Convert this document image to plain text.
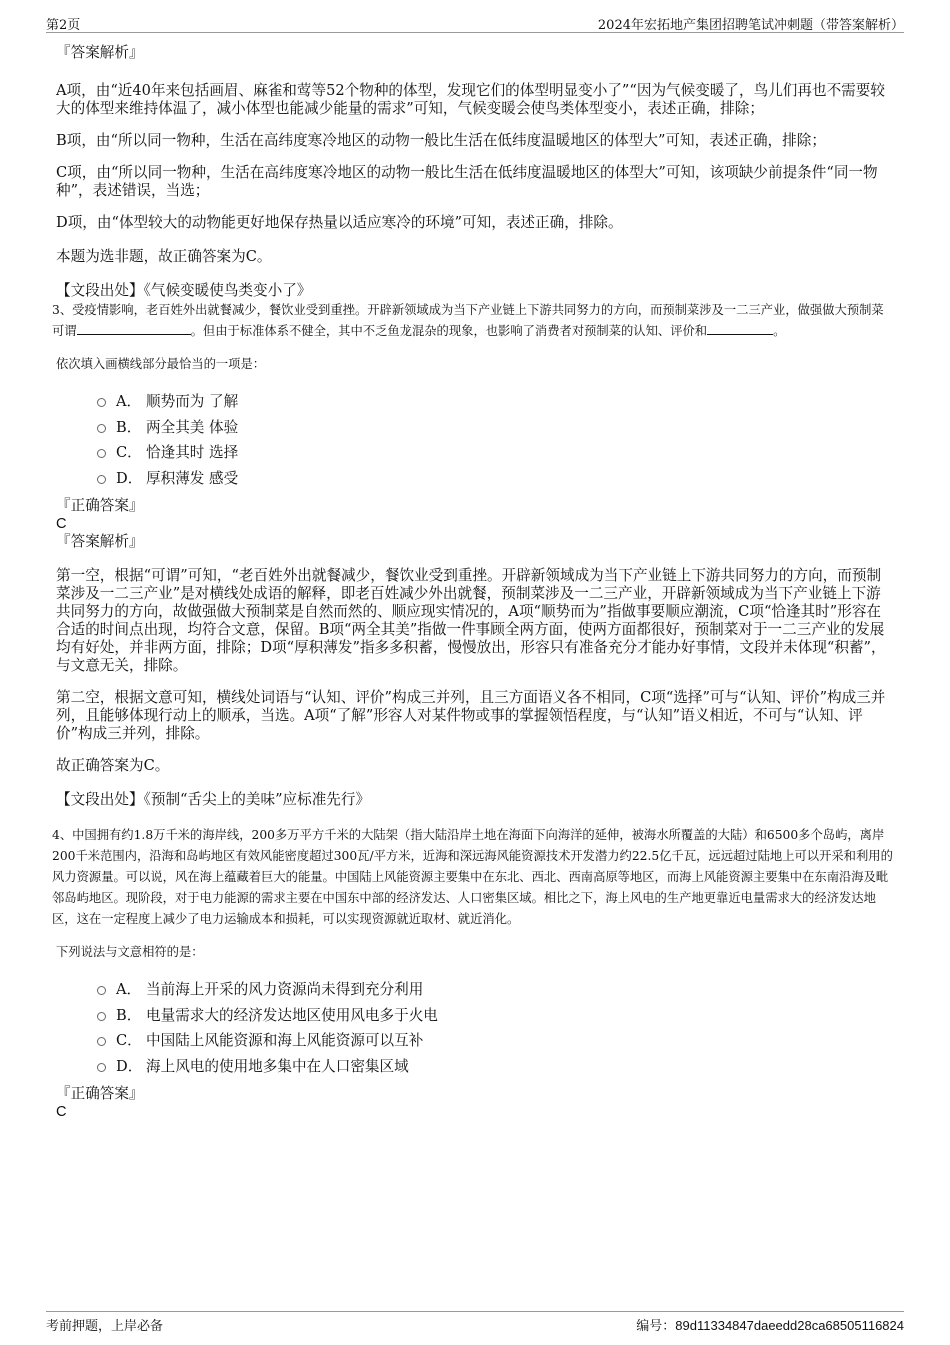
第2页	2024年宏拓地产集团招聘笔试冲刺题（带答案解析）

『答案解析』

A项，由“近40年来包括画眉、麻雀和莺等52个物种的体型，发现它们的体型明显变小了”“因为气候变暖了，鸟儿们再也不需要较大的体型来维持体温了，减小体型也能减少能量的需求”可知，气候变暖会使鸟类体型变小，表述正确，排除；

B项，由“所以同一物种，生活在高纬度寒冷地区的动物一般比生活在低纬度温暖地区的体型大”可知，表述正确，排除；

C项，由“所以同一物种，生活在高纬度寒冷地区的动物一般比生活在低纬度温暖地区的体型大”可知，该项缺少前提条件“同一物种”，表述错误，当选；

D项，由“体型较大的动物能更好地保存热量以适应寒冷的环境”可知，表述正确，排除。

本题为选非题，故正确答案为C。

【文段出处】《气候变暖使鸟类变小了》

3、受疫情影响，老百姓外出就餐减少，餐饮业受到重挫。开辟新领域成为当下产业链上下游共同努力的方向，而预制菜涉及一二三产业，做强做大预制菜可谓	。但由于标准体系不健全，其中不乏鱼龙混杂的现象，也影响了消费者对预制菜的认知、评价和	。

依次填入画横线部分最恰当的一项是：

A． 顺势而为 了解
B． 两全其美 体验
C． 恰逢其时 选择
D． 厚积薄发 感受

『正确答案』

C

『答案解析』

第一空，根据“可谓”可知，“老百姓外出就餐减少，餐饮业受到重挫。开辟新领域成为当下产业链上下游共同努力的方向，而预制菜涉及一二三产业”是对横线处成语的解释，即老百姓减少外出就餐，预制菜涉及一二三产业，开辟新领域成为当下产业链上下游共同努力的方向，故做强做大预制菜是自然而然的、顺应现实情况的，A项“顺势而为”指做事要顺应潮流，C项“恰逢其时”形容在合适的时间点出现，均符合文意，保留。B项“两全其美”指做一件事顾全两方面，使两方面都很好，预制菜对于一二三产业的发展均有好处，并非两方面，排除；D项“厚积薄发”指多多积蓄，慢慢放出，形容只有准备充分才能办好事情，文段并未体现“积蓄”，与文意无关，排除。

第二空，根据文意可知，横线处词语与“认知、评价”构成三并列，且三方面语义各不相同，C项“选择”可与“认知、评价”构成三并列，且能够体现行动上的顺承，当选。A项“了解”形容人对某件物或事的掌握领悟程度，与“认知”语义相近，不可与“认知、评价”构成三并列，排除。

故正确答案为C。

【文段出处】《预制“舌尖上的美味”应标准先行》

4、中国拥有约1.8万千米的海岸线，200多万平方千米的大陆架（指大陆沿岸土地在海面下向海洋的延伸，被海水所覆盖的大陆）和6500多个岛屿，离岸200千米范围内，沿海和岛屿地区有效风能密度超过300瓦/平方米，近海和深远海风能资源技术开发潜力约22.5亿千瓦，远远超过陆地上可以开采和利用的风力资源量。可以说，风在海上蕴藏着巨大的能量。中国陆上风能资源主要集中在东北、西北、西南高原等地区，而海上风能资源主要集中在东南沿海及毗邻岛屿地区。现阶段，对于电力能源的需求主要在中国东中部的经济发达、人口密集区域。相比之下，海上风电的生产地更靠近电量需求大的经济发达地区，这在一定程度上减少了电力运输成本和损耗，可以实现资源就近取材、就近消化。

下列说法与文意相符的是：

A． 当前海上开采的风力资源尚未得到充分利用
B． 电量需求大的经济发达地区使用风电多于火电
C． 中国陆上风能资源和海上风能资源可以互补
D． 海上风电的使用地多集中在人口密集区域

『正确答案』

C

考前押题，上岸必备	编号：89d11334847daeedd28ca68505116824
